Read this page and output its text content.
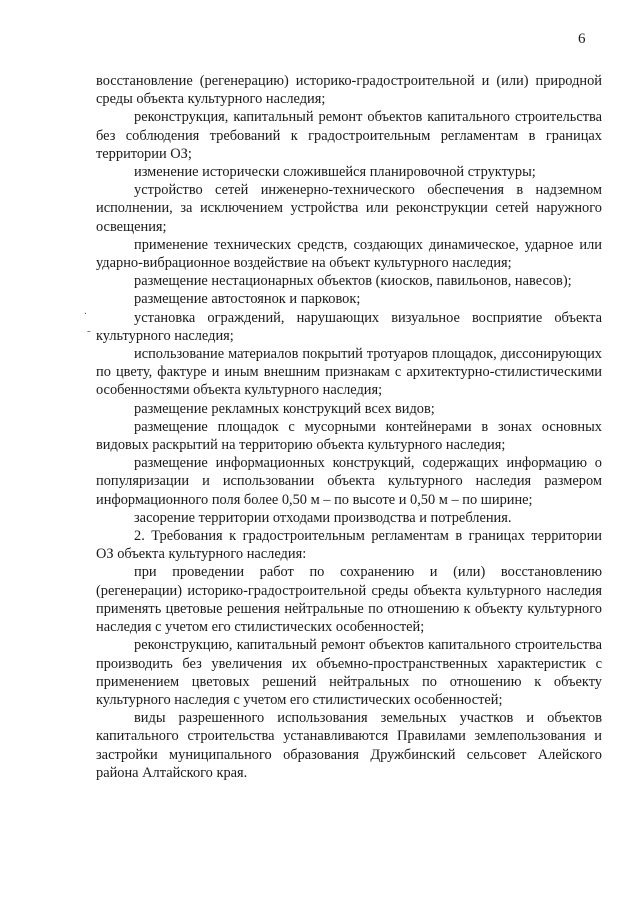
6
.
-

восстановление (регенерацию) историко-градостроительной и (или) природной среды объекта культурного наследия;

реконструкция, капитальный ремонт объектов капитального строительства без соблюдения требований к градостроительным регламентам в границах территории ОЗ;

изменение исторически сложившейся планировочной структуры;

устройство сетей инженерно-технического обеспечения в надземном исполнении, за исключением устройства или реконструкции сетей наружного освещения;

применение технических средств, создающих динамическое, ударное или ударно-вибрационное воздействие на объект культурного наследия;

размещение нестационарных объектов (киосков, павильонов, навесов);

размещение автостоянок и парковок;

установка ограждений, нарушающих визуальное восприятие объекта культурного наследия;

использование материалов покрытий тротуаров площадок, диссонирующих по цвету, фактуре и иным внешним признакам с архитектурно-стилистическими особенностями объекта культурного наследия;

размещение рекламных конструкций всех видов;

размещение площадок с мусорными контейнерами в зонах основных видовых раскрытий на территорию объекта культурного наследия;

размещение информационных конструкций, содержащих информацию о популяризации и использовании объекта культурного наследия размером информационного поля более 0,50 м – по высоте и 0,50 м – по ширине;

засорение территории отходами производства и потребления.

2. Требования к градостроительным регламентам в границах территории ОЗ объекта культурного наследия:

при проведении работ по сохранению и (или) восстановлению (регенерации) историко-градостроительной среды объекта культурного наследия применять цветовые решения нейтральные по отношению к объекту культурного наследия с учетом его стилистических особенностей;

реконструкцию, капитальный ремонт объектов капитального строительства производить без увеличения их объемно-пространственных характеристик с применением цветовых решений нейтральных по отношению к объекту культурного наследия с учетом его стилистических особенностей;

виды разрешенного использования земельных участков и объектов капитального строительства устанавливаются Правилами землепользования и застройки муниципального образования Дружбинский сельсовет Алейского района Алтайского края.
